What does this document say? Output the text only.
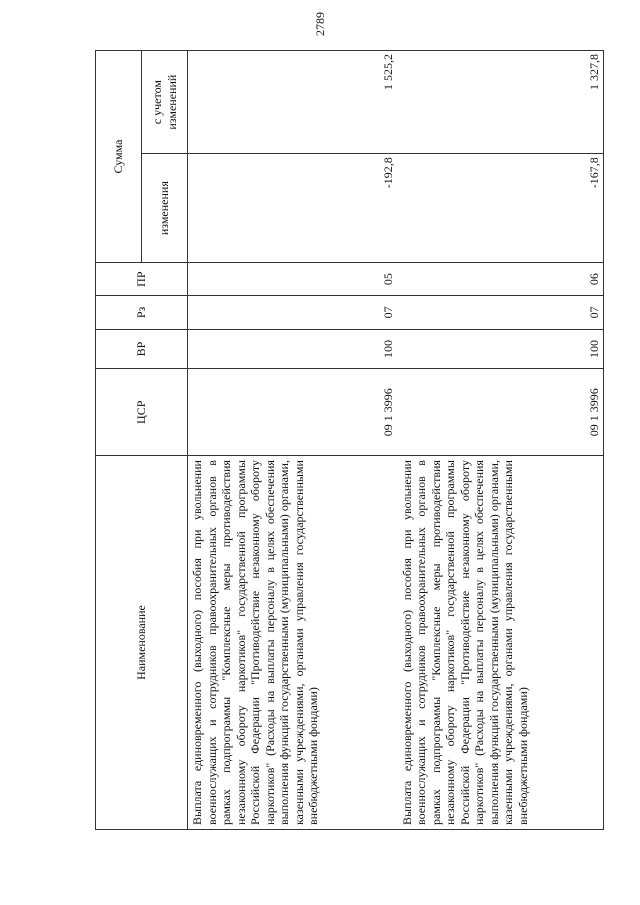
2789
Наименование	ЦСР	ВР	Рз	ПР	Сумма	
					изменения	с учетом изменений
Выплата единовременного (выходного) пособия при увольнении военнослужащих и сотрудников правоохранительных органов в рамках подпрограммы "Комплексные меры противодействия незаконному обороту наркотиков" государственной программы Российской Федерации "Противодействие незаконному обороту наркотиков" (Расходы на выплаты персоналу в целях обеспечения выполнения функций государственными (муниципальными) органами, казенными учреждениями, органами управления государственными внебюджетными фондами)	09 1 3996	100	07	05	-192,8	1 525,2
Выплата единовременного (выходного) пособия при увольнении военнослужащих и сотрудников правоохранительных органов в рамках подпрограммы "Комплексные меры противодействия незаконному обороту наркотиков" государственной программы Российской Федерации "Противодействие незаконному обороту наркотиков" (Расходы на выплаты персоналу в целях обеспечения выполнения функций государственными (муниципальными) органами, казенными учреждениями, органами управления государственными внебюджетными фондами)	09 1 3996	100	07	06	-167,8	1 327,8
